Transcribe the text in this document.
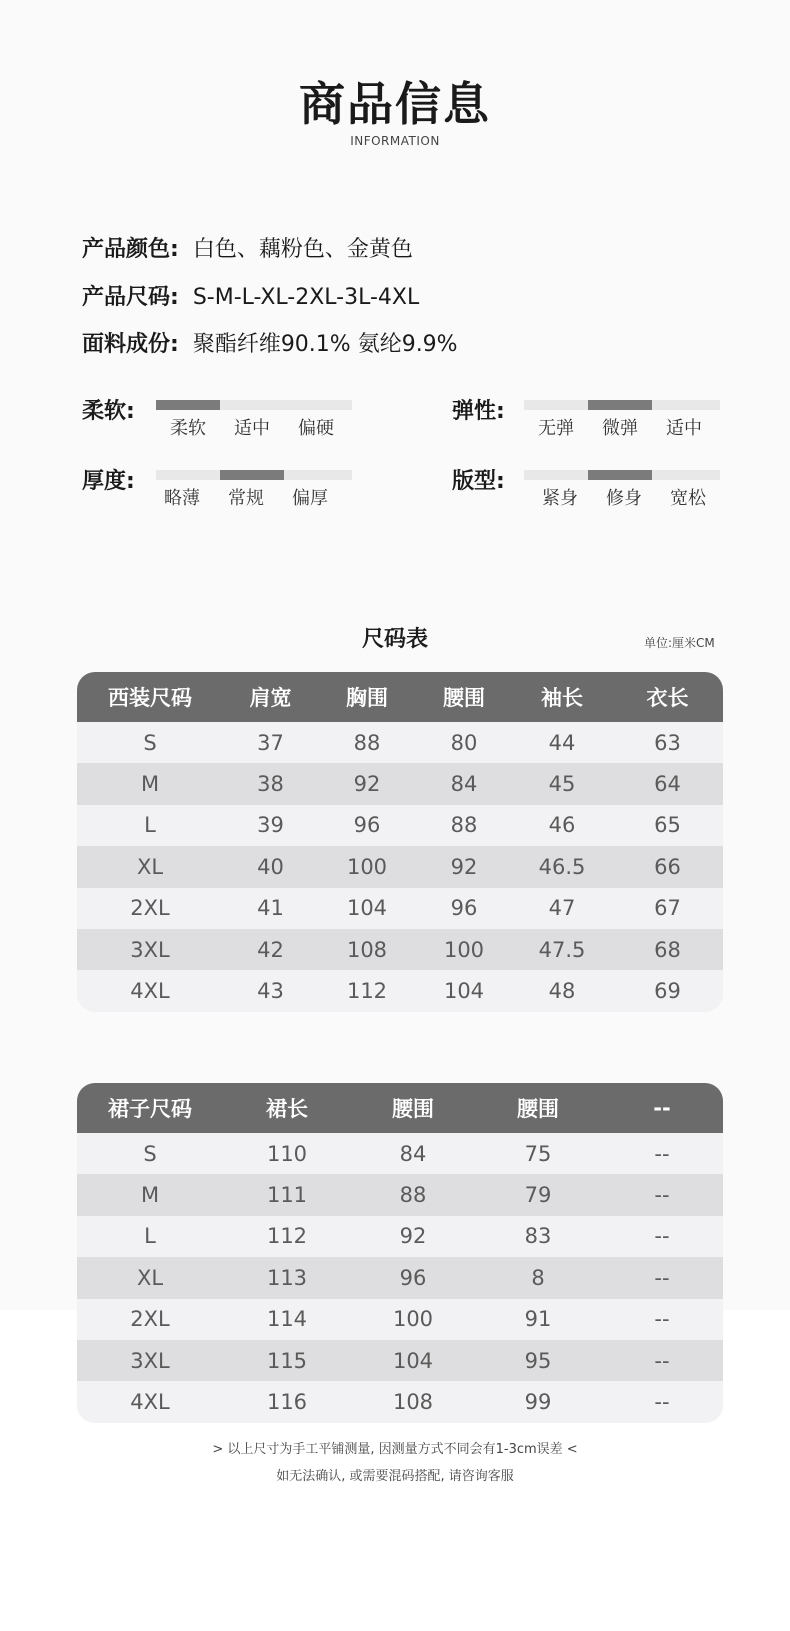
商品信息
INFORMATION
产品颜色: 白色、藕粉色、金黄色
产品尺码: S-M-L-XL-2XL-3L-4XL
面料成份: 聚酯纤维90.1% 氨纶9.9%
柔软:
柔软	适中	偏硬
弹性:
无弹	微弹	适中
厚度:
略薄	常规	偏厚
版型:
紧身	修身	宽松
尺码表	单位:厘米CM
西装尺码	肩宽	胸围	腰围	袖长	衣长
S	37	88	80	44	63
M	38	92	84	45	64
L	39	96	88	46	65
XL	40	100	92	46.5	66
2XL	41	104	96	47	67
3XL	42	108	100	47.5	68
4XL	43	112	104	48	69
裙子尺码	裙长	腰围	腰围	--
S	110	84	75	--
M	111	88	79	--
L	112	92	83	--
XL	113	96	8	--
2XL	114	100	91	--
3XL	115	104	95	--
4XL	116	108	99	--
> 以上尺寸为手工平铺测量, 因测量方式不同会有1-3cm误差 <
如无法确认, 或需要混码搭配, 请咨询客服
